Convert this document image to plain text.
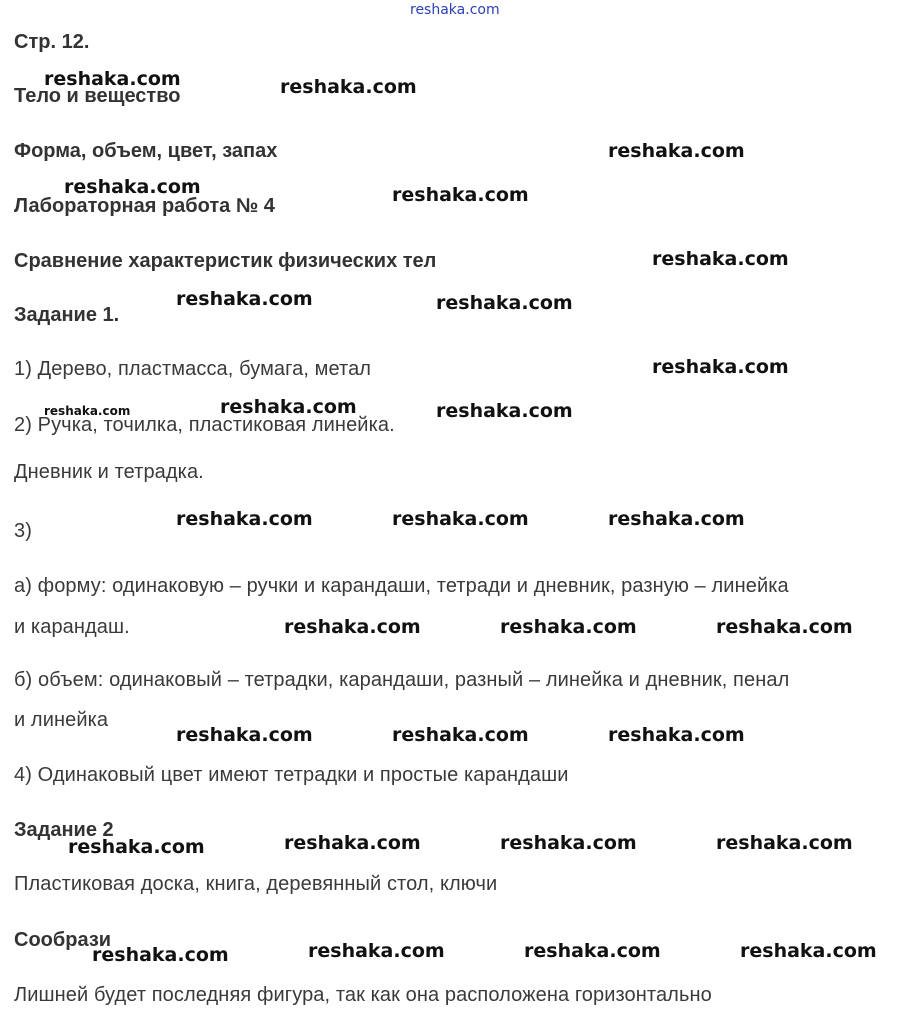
reshaka.com
Стр. 12.
Тело и вещество
Форма, объем, цвет, запах
Лабораторная работа № 4
Сравнение характеристик физических тел
Задание 1.
1) Дерево, пластмасса, бумага, метал
2) Ручка, точилка, пластиковая линейка.
Дневник и тетрадка.
3)
а) форму: одинаковую – ручки и карандаши, тетради и дневник, разную – линейка
и карандаш.
б) объем: одинаковый – тетрадки, карандаши, разный – линейка и дневник, пенал
и линейка
4) Одинаковый цвет имеют тетрадки и простые карандаши
Задание 2
Пластиковая доска, книга, деревянный стол, ключи
Сообрази
Лишней будет последняя фигура, так как она расположена горизонтально
reshaka.com	reshaka.com
reshaka.com
reshaka.com	reshaka.com
reshaka.com
reshaka.com	reshaka.com
reshaka.com
reshaka.com	reshaka.com	reshaka.com
reshaka.com	reshaka.com	reshaka.com
reshaka.com	reshaka.com	reshaka.com
reshaka.com	reshaka.com	reshaka.com
reshaka.com	reshaka.com	reshaka.com	reshaka.com
reshaka.com	reshaka.com	reshaka.com	reshaka.com
